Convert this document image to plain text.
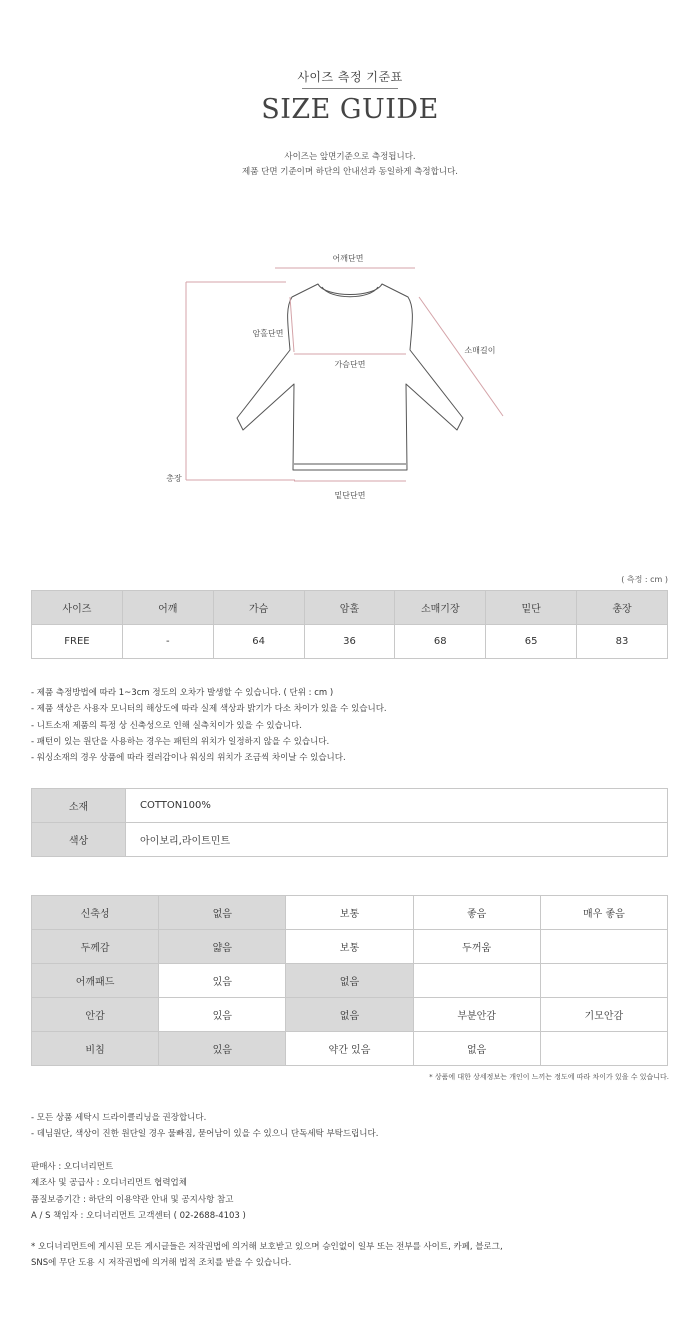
사이즈 측정 기준표
SIZE GUIDE
사이즈는 앞면기준으로 측정됩니다.
제품 단면 기준이며 하단의 안내선과 동일하게 측정합니다.
어깨단면
암홀단면
가슴단면
소매길이
총장
밑단단면
( 측정 : cm )
사이즈	어깨	가슴	암홀	소매기장	밑단	총장
FREE	-	64	36	68	65	83
- 제품 측정방법에 따라 1~3cm 정도의 오차가 발생할 수 있습니다. ( 단위 : cm )
- 제품 색상은 사용자 모니터의 해상도에 따라 실제 색상과 밝기가 다소 차이가 있을 수 있습니다.
- 니트소재 제품의 특정 상 신축성으로 인해 실측치이가 있을 수 있습니다.
- 패턴이 있는 원단을 사용하는 경우는 패턴의 위치가 일정하지 않을 수 있습니다.
- 워싱소재의 경우 상품에 따라 컬러감이나 워싱의 위치가 조금씩 차이날 수 있습니다.
소재	COTTON100%
색상	아이보리,라이트민트
신축성	없음	보통	좋음	매우 좋음
두께감	얇음	보통	두꺼움	
어깨패드	있음	없음		
안감	있음	없음	부분안감	기모안감
비침	있음	약간 있음	없음	
* 상품에 대한 상세정보는 개인이 느끼는 정도에 따라 차이가 있을 수 있습니다.
- 모든 상품 세탁시 드라이클리닝을 권장합니다.
- 데님원단, 색상이 진한 원단일 경우 물빠짐, 묻어남이 있을 수 있으니 단독세탁 부탁드립니다.
판매사 : 오디너리먼트
제조사 및 공급사 : 오디너리먼트 협력업체
품질보증기간 : 하단의 이용약관 안내 및 공지사항 참고
A / S 책임자 : 오디너리먼트 고객센터 ( 02-2688-4103 )
* 오디너리먼트에 게시된 모든 게시글들은 저작권법에 의거해 보호받고 있으며 승인없이 일부 또는 전부를 사이트, 카페, 블로그,
SNS에 무단 도용 시 저작권법에 의거해 법적 조치를 받을 수 있습니다.
